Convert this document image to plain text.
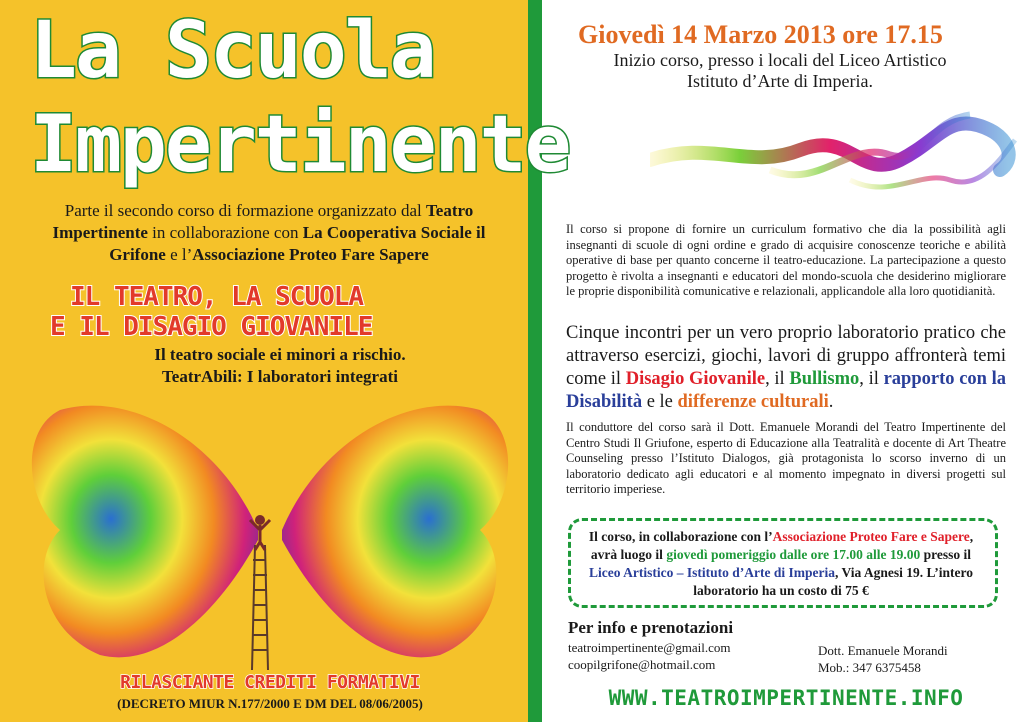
La Scuola
Impertinente
Parte il secondo corso di formazione organizzato dal Teatro Impertinente in collaborazione con La Cooperativa Sociale il Grifone e l’Associazione Proteo Fare Sapere
IL TEATRO, LA SCUOLA
E IL DISAGIO GIOVANILE
Il teatro sociale ei minori a rischio.
TeatrAbili: I laboratori integrati
RILASCIANTE CREDITI FORMATIVI
(DECRETO MIUR N.177/2000 E DM DEL 08/06/2005)
Giovedì 14 Marzo 2013 ore 17.15
Inizio corso, presso i locali del Liceo Artistico
Istituto d’Arte di Imperia.
Il corso si propone di fornire un curriculum formativo che dia la possibilità agli insegnanti di scuole di ogni ordine e grado di acquisire conoscenze teoriche e abilità operative di base per quanto concerne il teatro-educazione. La partecipazione a questo progetto è rivolta a insegnanti e educatori del mondo-scuola che desiderino migliorare le proprie disponibilità comunicative e relazionali, applicandole alla loro quotidianità.
Cinque incontri per un vero proprio laboratorio pratico che attraverso esercizi, giochi, lavori di gruppo affronterà temi come il Disagio Giovanile, il Bullismo, il rapporto con la Disabilità e le differenze culturali.
Il conduttore del corso sarà il Dott. Emanuele Morandi del Teatro Impertinente del Centro Studi Il Griufone, esperto di Educazione alla Teatralità e docente di Art Theatre Counseling presso l’Istituto Dialogos, già protagonista lo scorso inverno di un laboratorio dedicato agli educatori e al momento impegnato in diversi progetti sul territorio imperiese.
Il corso, in collaborazione con l’Associazione Proteo Fare e Sapere, avrà luogo il giovedì pomeriggio dalle ore 17.00 alle 19.00 presso il Liceo Artistico – Istituto d’Arte di Imperia, Via Agnesi 19. L’intero laboratorio ha un costo di 75 €
Per info e prenotazioni
teatroimpertinente@gmail.com
coopilgrifone@hotmail.com
Dott. Emanuele Morandi
Mob.: 347 6375458
WWW.TEATROIMPERTINENTE.INFO
